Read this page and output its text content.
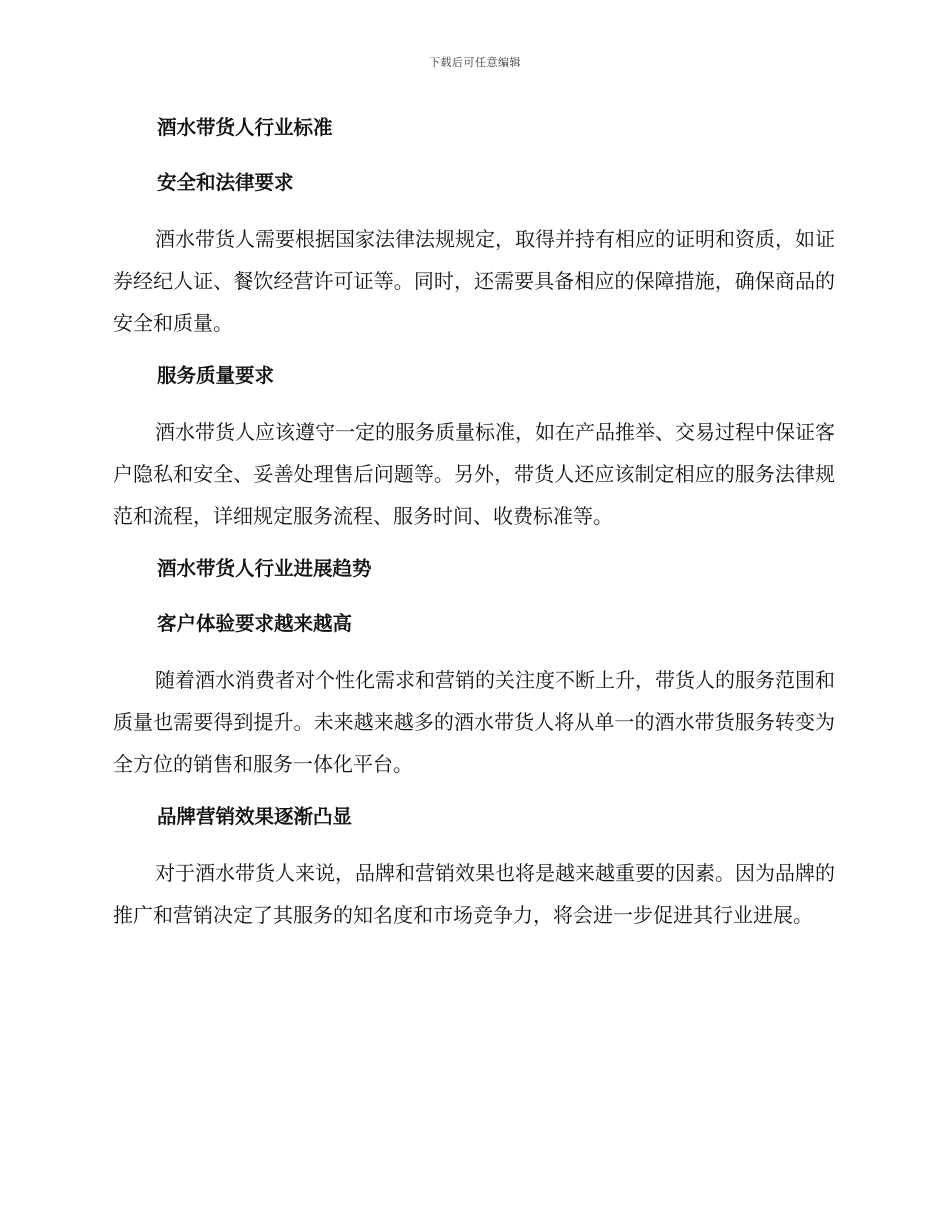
下载后可任意编辑
酒水带货人行业标准
安全和法律要求

酒水带货人需要根据国家法律法规规定，取得并持有相应的证明和资质，如证券经纪人证、餐饮经营许可证等。同时，还需要具备相应的保障措施，确保商品的安全和质量。

服务质量要求

酒水带货人应该遵守一定的服务质量标准，如在产品推举、交易过程中保证客户隐私和安全、妥善处理售后问题等。另外，带货人还应该制定相应的服务法律规范和流程，详细规定服务流程、服务时间、收费标准等。

酒水带货人行业进展趋势
客户体验要求越来越高

随着酒水消费者对个性化需求和营销的关注度不断上升，带货人的服务范围和质量也需要得到提升。未来越来越多的酒水带货人将从单一的酒水带货服务转变为全方位的销售和服务一体化平台。

品牌营销效果逐渐凸显

对于酒水带货人来说，品牌和营销效果也将是越来越重要的因素。因为品牌的推广和营销决定了其服务的知名度和市场竞争力，将会进一步促进其行业进展。
